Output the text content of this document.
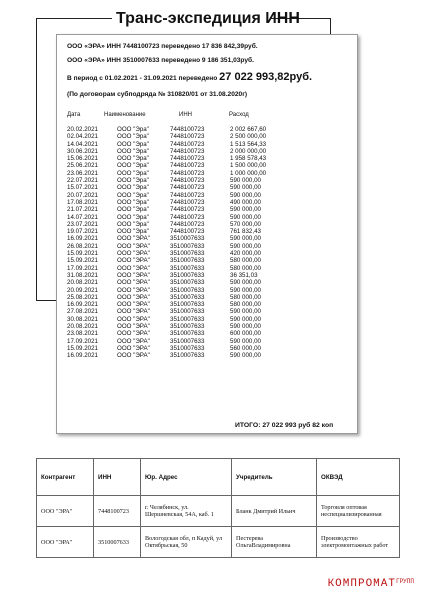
Транс-экспедиция ИНН
ООО «ЭРА» ИНН 7448100723 переведено 17 836 842,39руб.
ООО «ЭРА» ИНН 3510007633 переведено 9 186 351,03руб.
В период с 01.02.2021 - 31.09.2021 переведено 27 022 993,82руб.
(По договорам субподряда № 310820/01 от 31.08.2020г)
Дата	Наименование	ИНН	Расход
20.02.2021	ООО "Эра"	7448100723	2 002 667,60
02.04.2021	ООО "Эра"	7448100723	2 500 000,00
14.04.2021	ООО "Эра"	7448100723	1 513 564,33
30.06.2021	ООО "Эра"	7448100723	2 000 000,00
15.06.2021	ООО "Эра"	7448100723	1 958 578,43
25.06.2021	ООО "Эра"	7448100723	1 500 000,00
23.06.2021	ООО "Эра"	7448100723	1 000 000,00
22.07.2021	ООО "Эра"	7448100723	590 000,00
15.07.2021	ООО "Эра"	7448100723	590 000,00
20.07.2021	ООО "Эра"	7448100723	590 000,00
17.08.2021	ООО "Эра"	7448100723	490 000,00
21.07.2021	ООО "Эра"	7448100723	590 000,00
14.07.2021	ООО "Эра"	7448100723	590 000,00
23.07.2021	ООО "Эра"	7448100723	570 000,00
19.07.2021	ООО "Эра"	7448100723	761 832,43
16.09.2021	ООО "ЭРА"	3510007633	590 000,00
26.08.2021	ООО "ЭРА"	3510007633	590 000,00
15.09.2021	ООО "ЭРА"	3510007633	420 000,00
15.09.2021	ООО "ЭРА"	3510007633	580 000,00
17.09.2021	ООО "ЭРА"	3510007633	580 000,00
31.08.2021	ООО "ЭРА"	3510007633	36 351,03
20.08.2021	ООО "ЭРА"	3510007633	590 000,00
20.09.2021	ООО "ЭРА"	3510007633	590 000,00
25.08.2021	ООО "ЭРА"	3510007633	580 000,00
16.09.2021	ООО "ЭРА"	3510007633	580 000,00
27.08.2021	ООО "ЭРА"	3510007633	590 000,00
30.08.2021	ООО "ЭРА"	3510007633	590 000,00
20.08.2021	ООО "ЭРА"	3510007633	590 000,00
23.08.2021	ООО "ЭРА"	3510007633	600 000,00
17.09.2021	ООО "ЭРА"	3510007633	590 000,00
15.09.2021	ООО "ЭРА"	3510007633	560 000,00
16.09.2021	ООО "ЭРА"	3510007633	590 000,00
ИТОГО: 27 022 993 руб 82 коп
Контрагент	ИНН	Юр. Адрес	Учредитель	ОКВЭД
ООО "ЭРА"	7448100723	г. Челябинск, ул. Шершневская, 54А, каб. 1	Бланк Дмитрий Ильич	Торговля оптовая неспециализированная
ООО "ЭРА"	3510007633	Вологодская обл, п Кадуй, ул Октябрьская, 50	Пестерева ОльгаВладимировна	Производство электромонтажных работ
$КОМПРОМАТ^{ГРУПП}$
